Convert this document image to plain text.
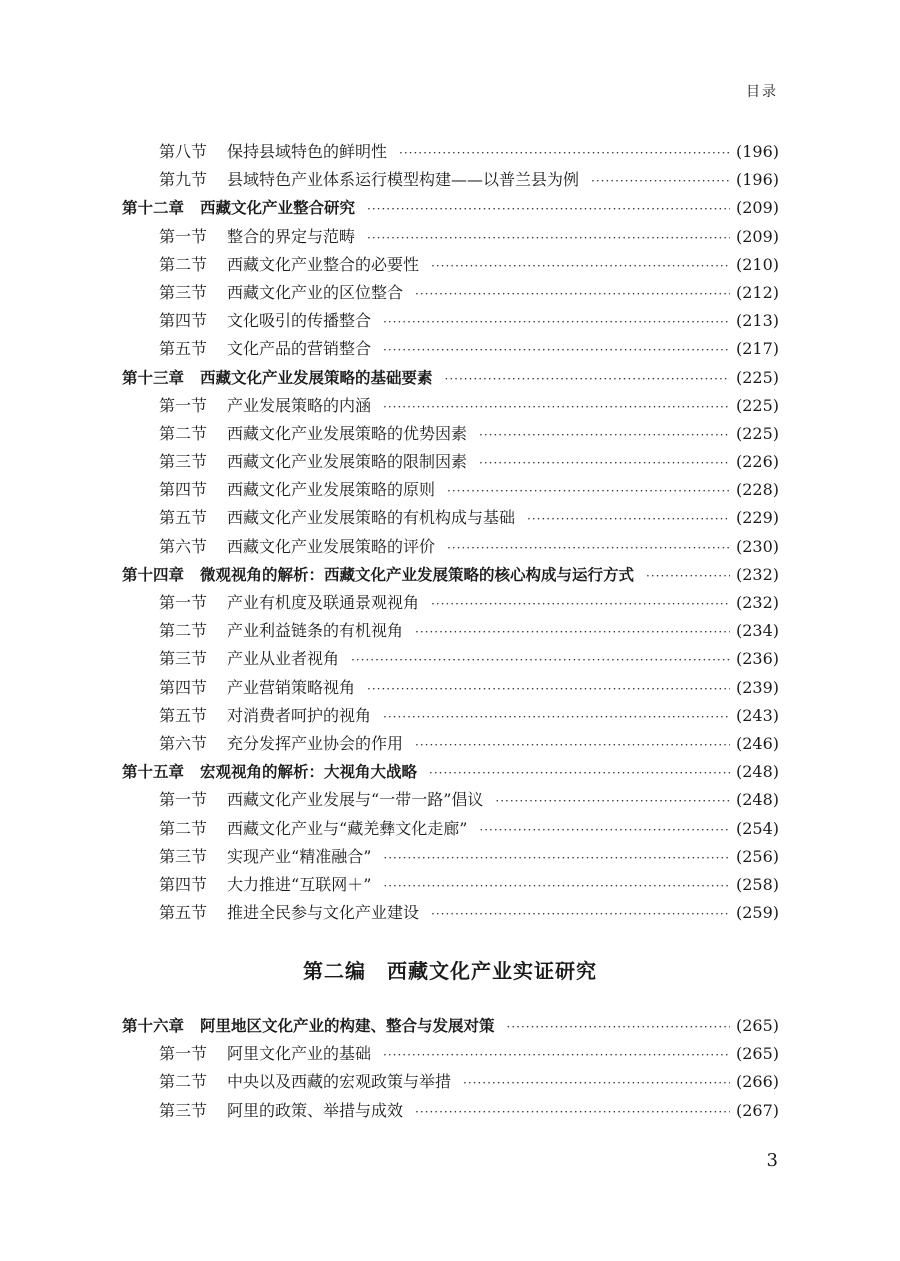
目录
第八节 保持县域特色的鲜明性 ·····	(196)
第九节 县域特色产业体系运行模型构建——以普兰县为例 ·····	(196)
第十二章 西藏文化产业整合研究 ·····	(209)
第一节 整合的界定与范畴 ·····	(209)
第二节 西藏文化产业整合的必要性 ·····	(210)
第三节 西藏文化产业的区位整合 ·····	(212)
第四节 文化吸引的传播整合 ·····	(213)
第五节 文化产品的营销整合 ·····	(217)
第十三章 西藏文化产业发展策略的基础要素 ·····	(225)
第一节 产业发展策略的内涵 ·····	(225)
第二节 西藏文化产业发展策略的优势因素 ·····	(225)
第三节 西藏文化产业发展策略的限制因素 ·····	(226)
第四节 西藏文化产业发展策略的原则 ·····	(228)
第五节 西藏文化产业发展策略的有机构成与基础 ·····	(229)
第六节 西藏文化产业发展策略的评价 ·····	(230)
第十四章 微观视角的解析：西藏文化产业发展策略的核心构成与运行方式 ·····	(232)
第一节 产业有机度及联通景观视角 ·····	(232)
第二节 产业利益链条的有机视角 ·····	(234)
第三节 产业从业者视角 ·····	(236)
第四节 产业营销策略视角 ·····	(239)
第五节 对消费者呵护的视角 ·····	(243)
第六节 充分发挥产业协会的作用 ·····	(246)
第十五章 宏观视角的解析：大视角大战略 ·····	(248)
第一节 西藏文化产业发展与“一带一路”倡议 ·····	(248)
第二节 西藏文化产业与“藏羌彝文化走廊” ·····	(254)
第三节 实现产业“精准融合” ·····	(256)
第四节 大力推进“互联网＋” ·····	(258)
第五节 推进全民参与文化产业建设 ·····	(259)
第二编　西藏文化产业实证研究
第十六章 阿里地区文化产业的构建、整合与发展对策 ·····	(265)
第一节 阿里文化产业的基础 ·····	(265)
第二节 中央以及西藏的宏观政策与举措 ·····	(266)
第三节 阿里的政策、举措与成效 ·····	(267)
3
